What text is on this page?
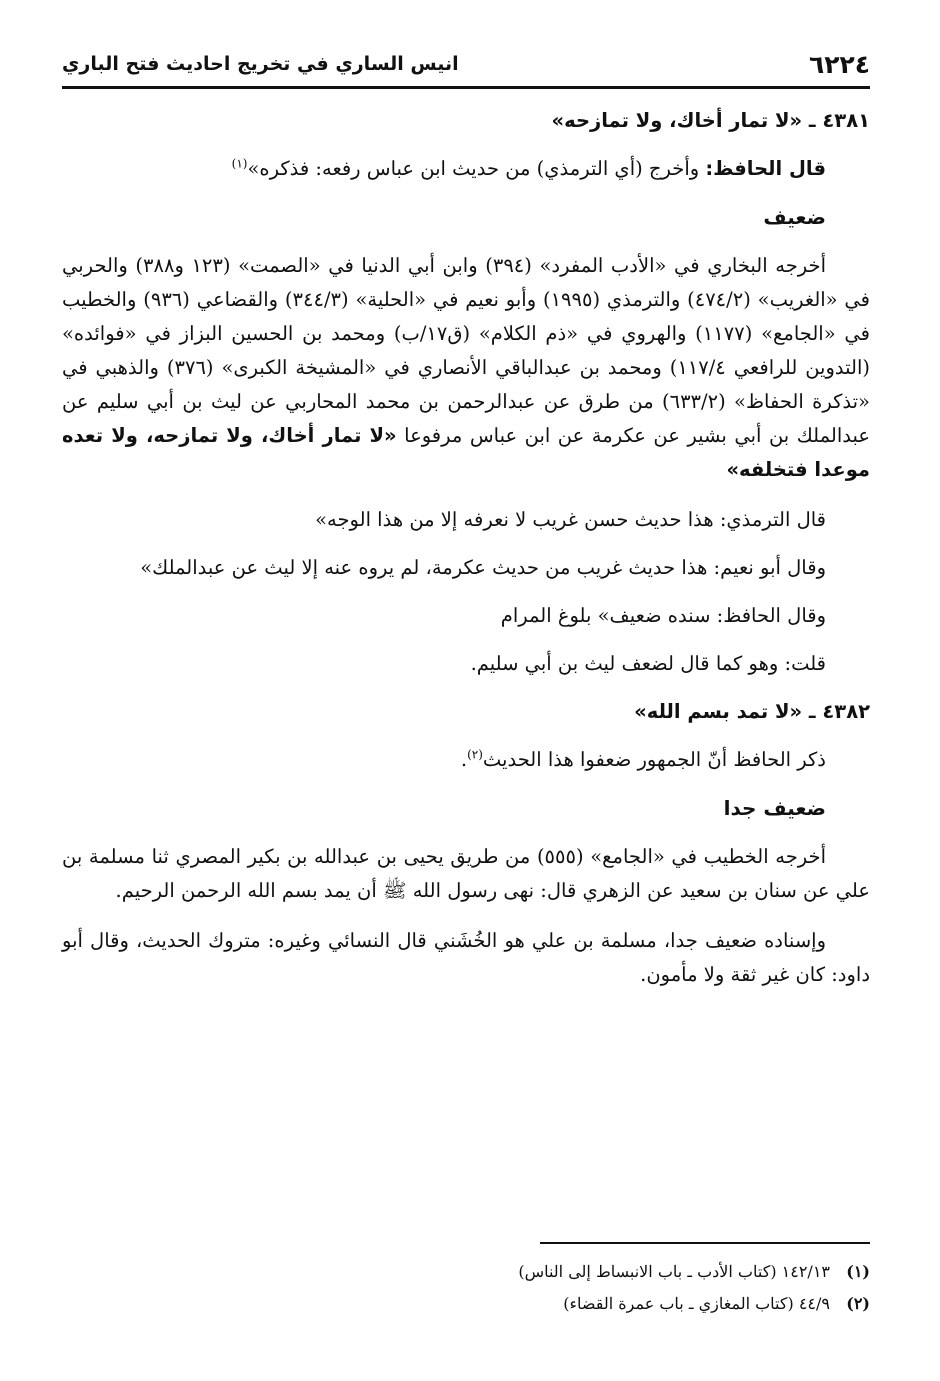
٦٢٢٤
انيس الساري في تخريج احاديث فتح الباري

٤٣٨١ ـ «لا تمار أخاك، ولا تمازحه»

قال الحافظ: وأخرج (أي الترمذي) من حديث ابن عباس رفعه: فذكره»$^{(١)}$

ضعيف

أخرجه البخاري في «الأدب المفرد» (٣٩٤) وابن أبي الدنيا في «الصمت» (١٢٣ و٣٨٨) والحربي في «الغريب» (٤٧٤/٢) والترمذي (١٩٩٥) وأبو نعيم في «الحلية» (٣٤٤/٣) والقضاعي (٩٣٦) والخطيب في «الجامع» (١١٧٧) والهروي في «ذم الكلام» (ق١٧/ب) ومحمد بن الحسين البزاز في «فوائده» (التدوين للرافعي ١١٧/٤) ومحمد بن عبدالباقي الأنصاري في «المشيخة الكبرى» (٣٧٦) والذهبي في «تذكرة الحفاظ» (٦٣٣/٢) من طرق عن عبدالرحمن بن محمد المحاربي عن ليث بن أبي سليم عن عبدالملك بن أبي بشير عن عكرمة عن ابن عباس مرفوعا «لا تمار أخاك، ولا تمازحه، ولا تعده موعدا فتخلفه»

قال الترمذي: هذا حديث حسن غريب لا نعرفه إلا من هذا الوجه»

وقال أبو نعيم: هذا حديث غريب من حديث عكرمة، لم يروه عنه إلا ليث عن عبدالملك»

وقال الحافظ: سنده ضعيف» بلوغ المرام

قلت: وهو كما قال لضعف ليث بن أبي سليم.

٤٣٨٢ ـ «لا تمد بسم الله»

ذكر الحافظ أنّ الجمهور ضعفوا هذا الحديث$^{(٢)}$.

ضعيف جدا

أخرجه الخطيب في «الجامع» (٥٥٥) من طريق يحيى بن عبدالله بن بكير المصري ثنا مسلمة بن علي عن سنان بن سعيد عن الزهري قال: نهى رسول الله ﷺ أن يمد بسم الله الرحمن الرحيم.

وإسناده ضعيف جدا، مسلمة بن علي هو الخُشَني قال النسائي وغيره: متروك الحديث، وقال أبو داود: كان غير ثقة ولا مأمون.

(١)١٤٢/١٣ (كتاب الأدب ـ باب الانبساط إلى الناس)
(٢)٤٤/٩ (كتاب المغازي ـ باب عمرة القضاء)
